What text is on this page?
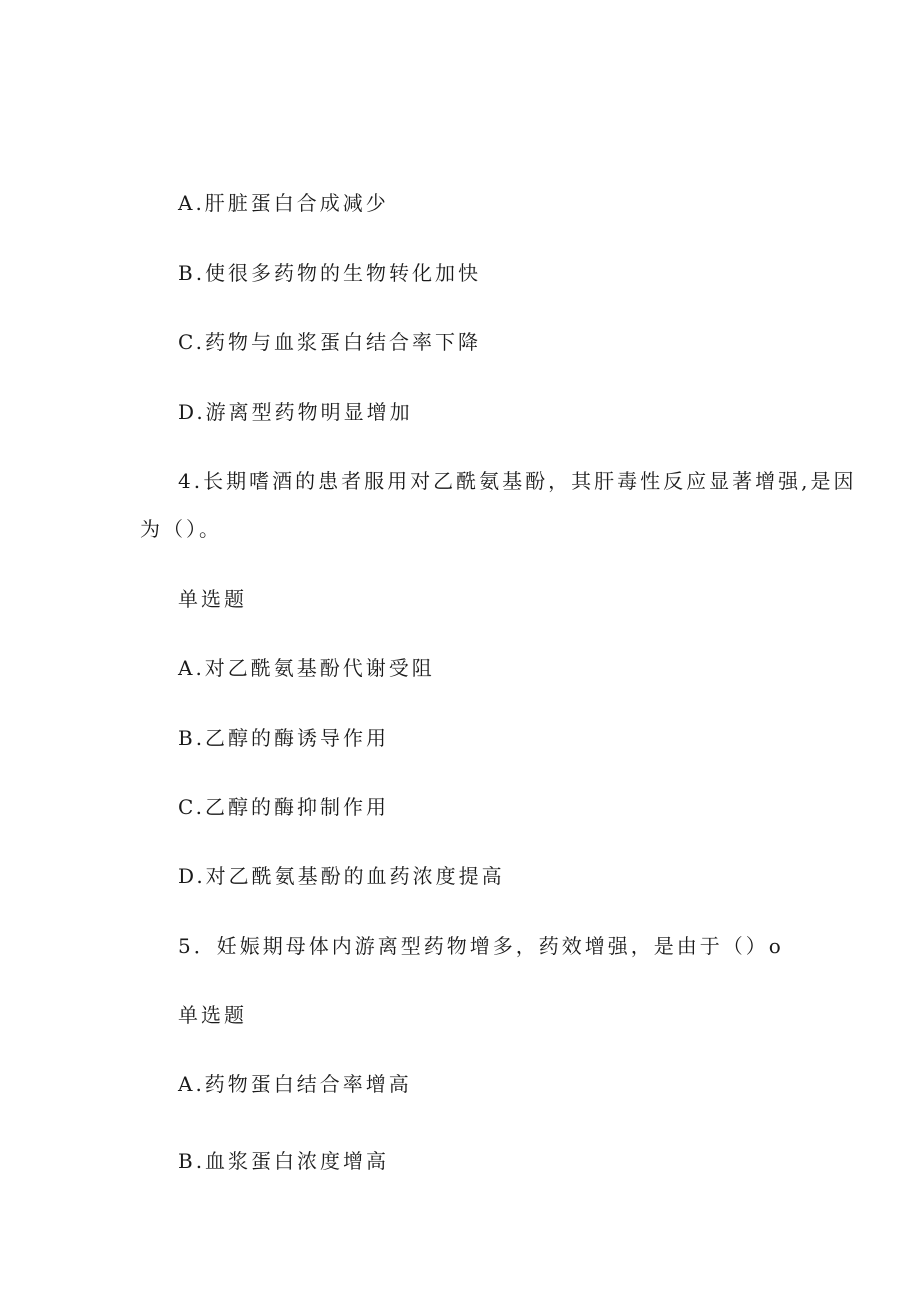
A.肝脏蛋白合成减少
B.使很多药物的生物转化加快
C.药物与血浆蛋白结合率下降
D.游离型药物明显增加
4.长期嗜酒的患者服用对乙酰氨基酚，其肝毒性反应显著增强,是因
为（）。
单选题
A.对乙酰氨基酚代谢受阻
B.乙醇的酶诱导作用
C.乙醇的酶抑制作用
D.对乙酰氨基酚的血药浓度提高
5．妊娠期母体内游离型药物增多，药效增强，是由于（）o
单选题
A.药物蛋白结合率增高
B.血浆蛋白浓度增高
